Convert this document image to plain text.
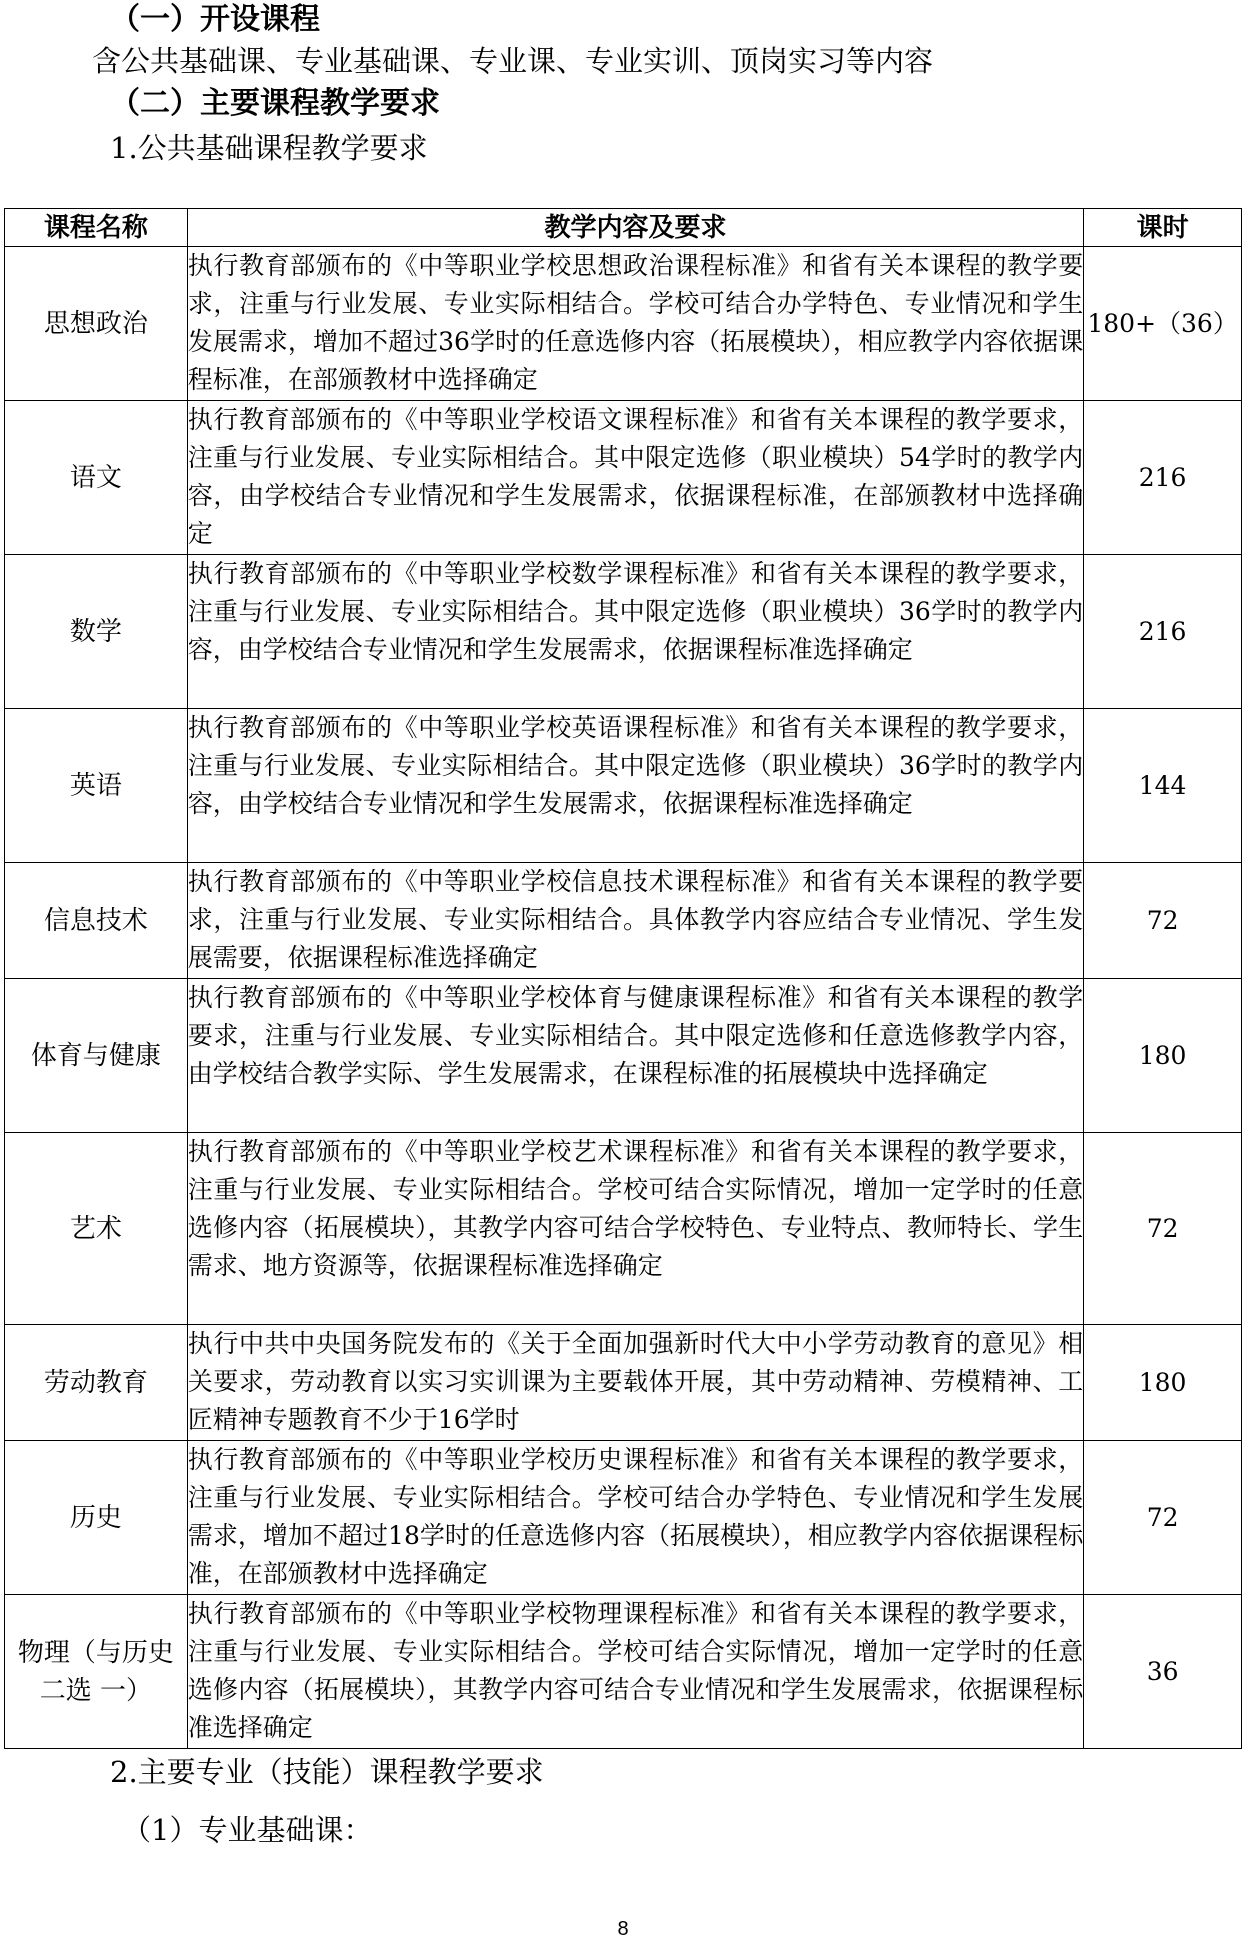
（一）开设课程
含公共基础课、专业基础课、专业课、专业实训、顶岗实习等内容
（二）主要课程教学要求
1.公共基础课程教学要求
课程名称	教学内容及要求	课时
思想政治	执行教育部颁布的《中等职业学校思想政治课程标准》和省有关本课程的教学要求，注重与行业发展、专业实际相结合。学校可结合办学特色、专业情况和学生发展需求，增加不超过36学时的任意选修内容（拓展模块），相应教学内容依据课程标准，在部颁教材中选择确定	180+（36）
语文	执行教育部颁布的《中等职业学校语文课程标准》和省有关本课程的教学要求，注重与行业发展、专业实际相结合。其中限定选修（职业模块）54学时的教学内容，由学校结合专业情况和学生发展需求，依据课程标准，在部颁教材中选择确定	216
数学	执行教育部颁布的《中等职业学校数学课程标准》和省有关本课程的教学要求，注重与行业发展、专业实际相结合。其中限定选修（职业模块）36学时的教学内容，由学校结合专业情况和学生发展需求，依据课程标准选择确定	216
英语	执行教育部颁布的《中等职业学校英语课程标准》和省有关本课程的教学要求，注重与行业发展、专业实际相结合。其中限定选修（职业模块）36学时的教学内容，由学校结合专业情况和学生发展需求，依据课程标准选择确定	144
信息技术	执行教育部颁布的《中等职业学校信息技术课程标准》和省有关本课程的教学要求，注重与行业发展、专业实际相结合。具体教学内容应结合专业情况、学生发展需要，依据课程标准选择确定	72
体育与健康	执行教育部颁布的《中等职业学校体育与健康课程标准》和省有关本课程的教学要求，注重与行业发展、专业实际相结合。其中限定选修和任意选修教学内容，由学校结合教学实际、学生发展需求，在课程标准的拓展模块中选择确定	180
艺术	执行教育部颁布的《中等职业学校艺术课程标准》和省有关本课程的教学要求，注重与行业发展、专业实际相结合。学校可结合实际情况，增加一定学时的任意选修内容（拓展模块），其教学内容可结合学校特色、专业特点、教师特长、学生需求、地方资源等，依据课程标准选择确定	72
劳动教育	执行中共中央国务院发布的《关于全面加强新时代大中小学劳动教育的意见》相关要求，劳动教育以实习实训课为主要载体开展，其中劳动精神、劳模精神、工匠精神专题教育不少于16学时	180
历史	执行教育部颁布的《中等职业学校历史课程标准》和省有关本课程的教学要求，注重与行业发展、专业实际相结合。学校可结合办学特色、专业情况和学生发展需求，增加不超过18学时的任意选修内容（拓展模块），相应教学内容依据课程标准，在部颁教材中选择确定	72
物理（与历史二选 一）	执行教育部颁布的《中等职业学校物理课程标准》和省有关本课程的教学要求，注重与行业发展、专业实际相结合。学校可结合实际情况，增加一定学时的任意选修内容（拓展模块），其教学内容可结合专业情况和学生发展需求，依据课程标准选择确定	36
2.主要专业（技能）课程教学要求
（1）专业基础课：
8
